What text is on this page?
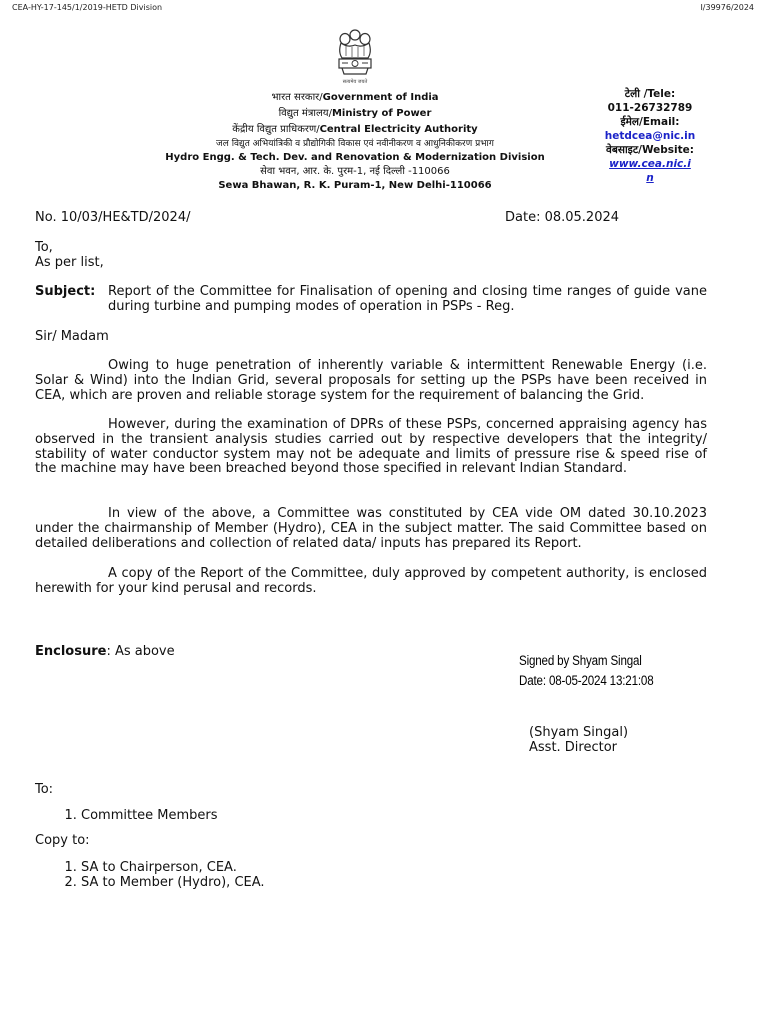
CEA-HY-17-145/1/2019-HETD Division	I/39976/2024
सत्यमेव जयते
भारत सरकार/Government of India
विद्युत मंत्रालय/Ministry of Power
केंद्रीय विद्युत प्राधिकरण/Central Electricity Authority
जल विद्युत अभियांत्रिकी व प्रौद्योगिकी विकास एवं नवीनीकरण व आधुनिकीकरण प्रभाग
Hydro Engg. & Tech. Dev. and Renovation & Modernization Division
सेवा भवन, आर. के. पुरम-1, नई दिल्ली -110066
Sewa Bhawan, R. K. Puram-1, New Delhi-110066
टेली /Tele:
011-26732789
ईमेल/Email:
hetdcea@nic.in
वेबसाइट/Website:
www.cea.nic.i
n
No. 10/03/HE&TD/2024/	Date: 08.05.2024
To,
As per list,
Subject: Report of the Committee for Finalisation of opening and closing time ranges of guide vane during turbine and pumping modes of operation in PSPs - Reg.
Sir/ Madam
Owing to huge penetration of inherently variable & intermittent Renewable Energy (i.e. Solar & Wind) into the Indian Grid, several proposals for setting up the PSPs have been received in CEA, which are proven and reliable storage system for the requirement of balancing the Grid.
However, during the examination of DPRs of these PSPs, concerned appraising agency has observed in the transient analysis studies carried out by respective developers that the integrity/ stability of water conductor system may not be adequate and limits of pressure rise & speed rise of the machine may have been breached beyond those specified in relevant Indian Standard.
In view of the above, a Committee was constituted by CEA vide OM dated 30.10.2023 under the chairmanship of Member (Hydro), CEA in the subject matter. The said Committee based on detailed deliberations and collection of related data/ inputs has prepared its Report.
A copy of the Report of the Committee, duly approved by competent authority, is enclosed herewith for your kind perusal and records.
Enclosure: As above
Signed by Shyam Singal
Date: 08-05-2024 13:21:08
(Shyam Singal)
Asst. Director
To:
1. Committee Members
Copy to:
1. SA to Chairperson, CEA.
2. SA to Member (Hydro), CEA.
